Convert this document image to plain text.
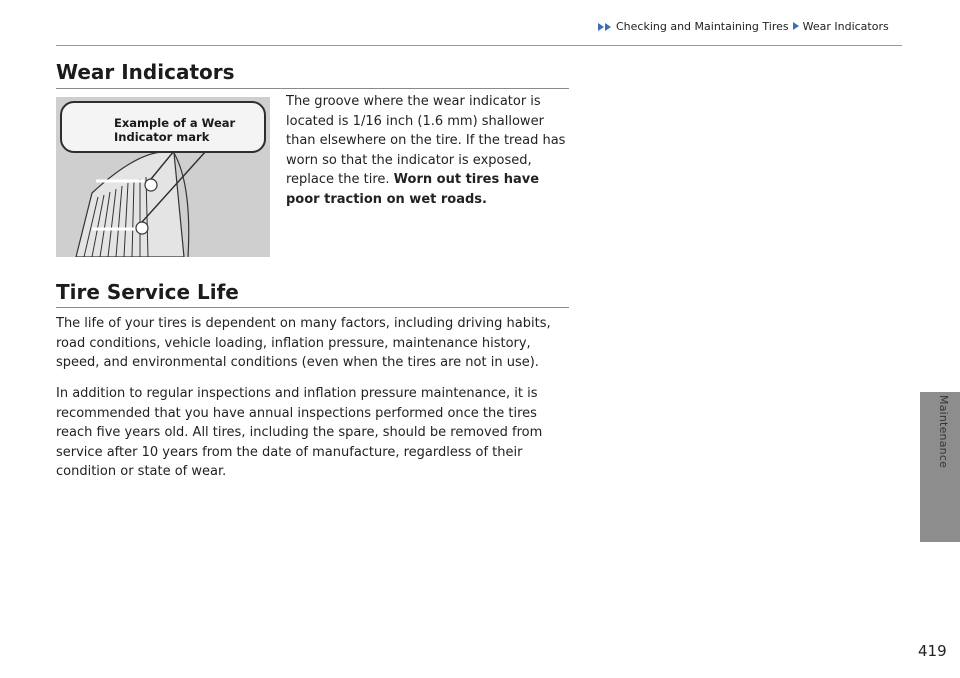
Checking and Maintaining Tires Wear Indicators
Wear Indicators
Example of a Wear Indicator mark
The groove where the wear indicator is located is 1/16 inch (1.6 mm) shallower than elsewhere on the tire. If the tread has worn so that the indicator is exposed, replace the tire. Worn out tires have poor traction on wet roads.
Tire Service Life

The life of your tires is dependent on many factors, including driving habits, road conditions, vehicle loading, inflation pressure, maintenance history, speed, and environmental conditions (even when the tires are not in use).

In addition to regular inspections and inflation pressure maintenance, it is recommended that you have annual inspections performed once the tires reach five years old. All tires, including the spare, should be removed from service after 10 years from the date of manufacture, regardless of their condition or state of wear.

Maintenance
419
